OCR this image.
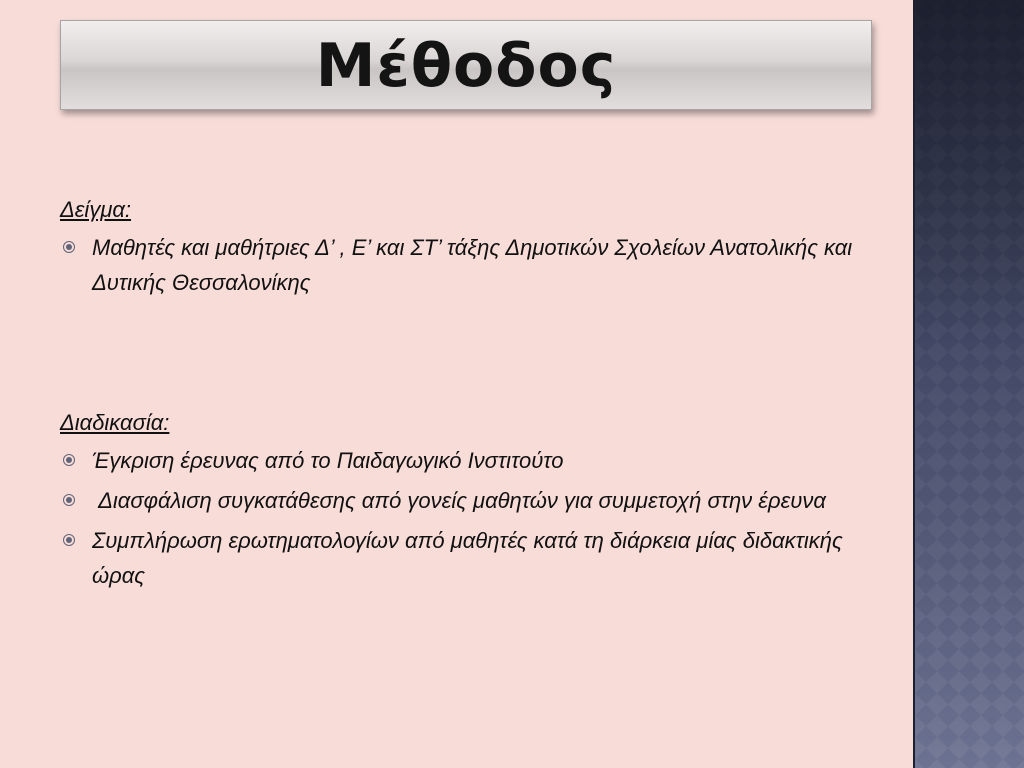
Μέθοδος
Δείγμα:
Μαθητές και μαθήτριες Δ’ , Ε’ και ΣΤ’ τάξης Δημοτικών Σχολείων Ανατολικής και Δυτικής Θεσσαλονίκης
Διαδικασία:
Έγκριση έρευνας από το Παιδαγωγικό Ινστιτούτο
Διασφάλιση συγκατάθεσης από γονείς μαθητών για συμμετοχή στην έρευνα
Συμπλήρωση ερωτηματολογίων από μαθητές κατά τη διάρκεια μίας διδακτικής ώρας
